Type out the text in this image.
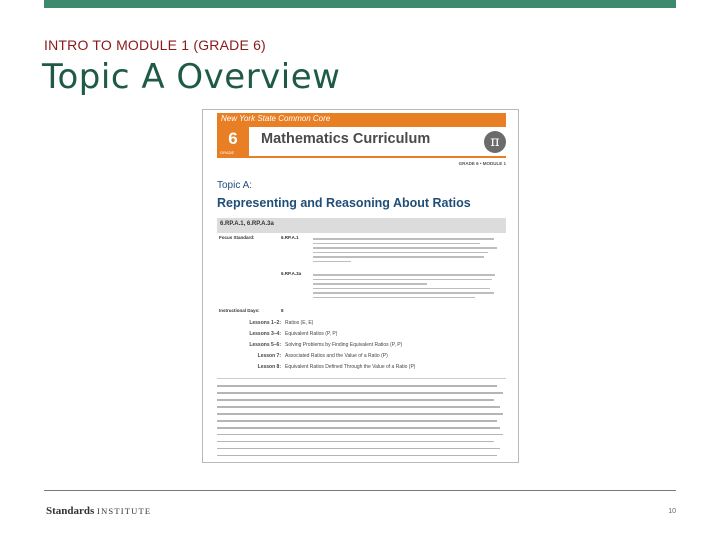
INTRO TO MODULE 1 (GRADE 6)
Topic A Overview
New York State Common Core
6
GRADE
Mathematics Curriculum	π
GRADE 6 • MODULE 1
Topic A:
Representing and Reasoning About Ratios
6.RP.A.1, 6.RP.A.3a
Focus Standard:	6.RP.A.1
6.RP.A.3a
Instructional Days:	8
Lessons 1–2: Ratios (E, E)
Lessons 3–4: Equivalent Ratios (P, P)
Lessons 5–6: Solving Problems by Finding Equivalent Ratios (P, P)
Lesson 7: Associated Ratios and the Value of a Ratio (P)
Lesson 8: Equivalent Ratios Defined Through the Value of a Ratio (P)
Standards INSTITUTE	10
